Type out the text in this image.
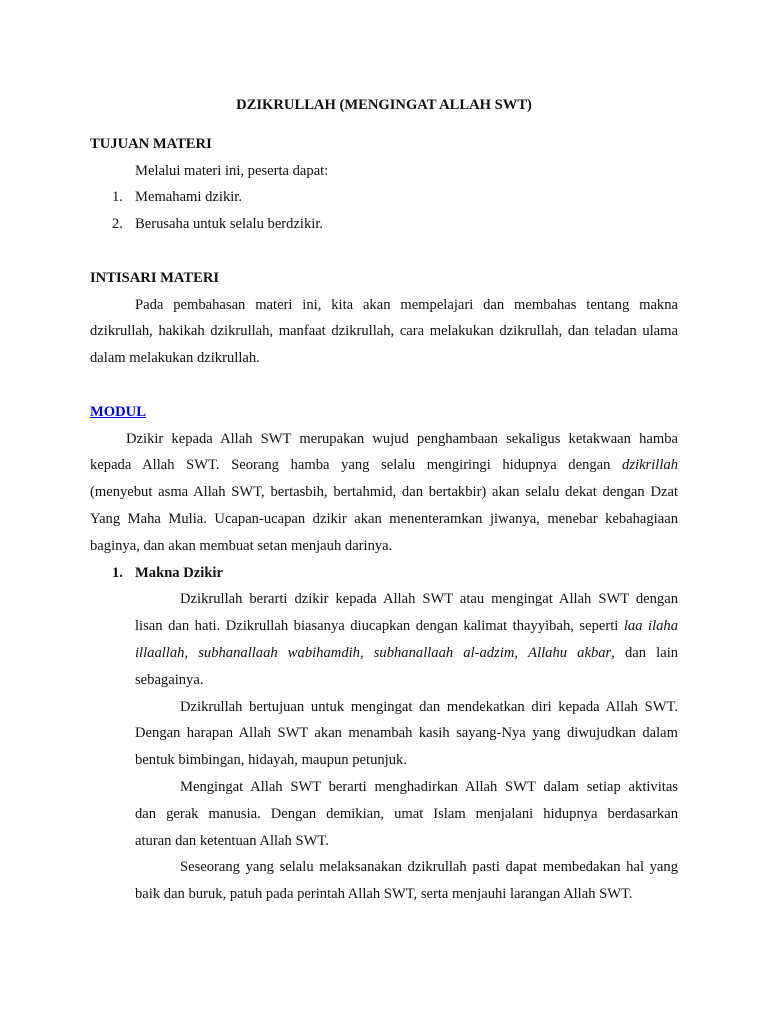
DZIKRULLAH (MENGINGAT ALLAH SWT)
TUJUAN MATERI
Melalui materi ini, peserta dapat:
1. Memahami dzikir.
2. Berusaha untuk selalu berdzikir.
INTISARI MATERI
Pada pembahasan materi ini, kita akan mempelajari dan membahas tentang makna
dzikrullah, hakikah dzikrullah, manfaat dzikrullah, cara melakukan dzikrullah, dan teladan ulama
dalam melakukan dzikrullah.
MODUL
Dzikir kepada Allah SWT merupakan wujud penghambaan sekaligus ketakwaan hamba
kepada Allah SWT. Seorang hamba yang selalu mengiringi hidupnya dengan dzikrillah
(menyebut asma Allah SWT, bertasbih, bertahmid, dan bertakbir) akan selalu dekat dengan Dzat
Yang Maha Mulia. Ucapan-ucapan dzikir akan menenteramkan jiwanya, menebar kebahagiaan
baginya, dan akan membuat setan menjauh darinya.
1. Makna Dzikir
Dzikrullah berarti dzikir kepada Allah SWT atau mengingat Allah SWT dengan
lisan dan hati. Dzikrullah biasanya diucapkan dengan kalimat thayyibah, seperti laa ilaha
illaallah, subhanallaah wabihamdih, subhanallaah al-adzim, Allahu akbar, dan lain
sebagainya.
Dzikrullah bertujuan untuk mengingat dan mendekatkan diri kepada Allah SWT.
Dengan harapan Allah SWT akan menambah kasih sayang-Nya yang diwujudkan dalam
bentuk bimbingan, hidayah, maupun petunjuk.
Mengingat Allah SWT berarti menghadirkan Allah SWT dalam setiap aktivitas
dan gerak manusia. Dengan demikian, umat Islam menjalani hidupnya berdasarkan
aturan dan ketentuan Allah SWT.
Seseorang yang selalu melaksanakan dzikrullah pasti dapat membedakan hal yang
baik dan buruk, patuh pada perintah Allah SWT, serta menjauhi larangan Allah SWT.
